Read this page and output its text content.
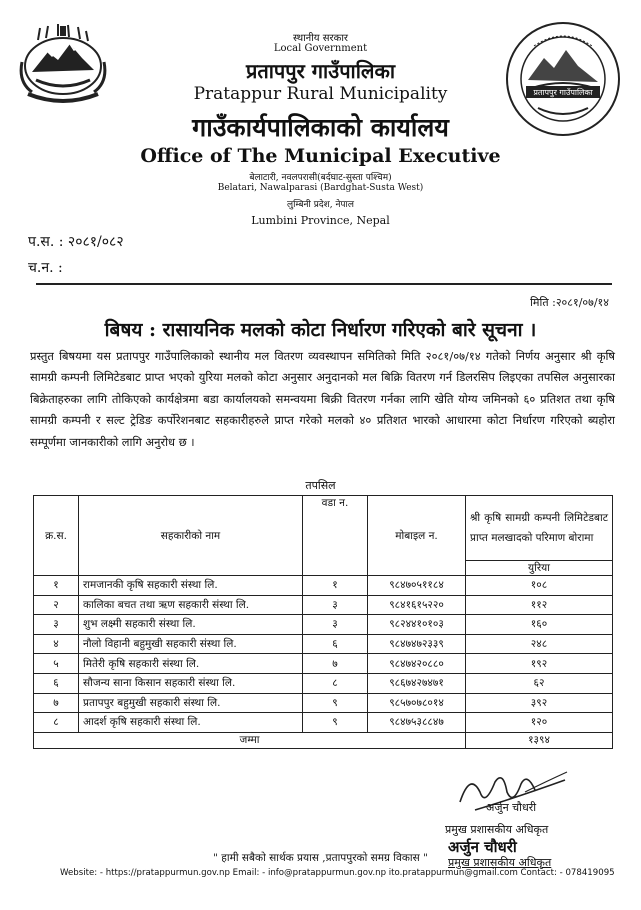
प्रतापपुर गाउँपालिका
स्थानीय सरकार
Local Government
प्रतापपुर गाउँपालिका
Pratappur Rural Municipality
गाउँकार्यपालिकाको कार्यालय
Office of The Municipal Executive
बेलाटारी, नवलपरासी(बर्दघाट-सुस्ता पश्चिम)
Belatari, Nawalparasi (Bardghat-Susta West)
लुम्बिनी प्रदेश, नेपाल
Lumbini Province, Nepal
प.स. : २०८१/०८२
च.न. :
मिति :२०८१/०७/१४
बिषय : रासायनिक मलको कोटा निर्धारण गरिएको बारे सूचना ।
प्रस्तुत बिषयमा यस प्रतापपुर गाउँपालिकाको स्थानीय मल वितरण व्यवस्थापन समितिको मिति २०८१/०७/१४ गतेको निर्णय अनुसार श्री कृषि सामग्री कम्पनी लिमिटेडबाट प्राप्त भएको युरिया मलको कोटा अनुसार अनुदानको मल बिक्रि वितरण गर्न डिलरसिप लिइएका तपसिल अनुसारका बिक्रेताहरुका लागि तोकिएको कार्यक्षेत्रमा बडा कार्यालयको समन्वयमा बिक्री वितरण गर्नका लागि खेति योग्य जमिनको ६० प्रतिशत तथा कृषि सामग्री कम्पनी र सल्ट ट्रेडिङ कर्पोरेशनबाट सहकारीहरुले प्राप्त गरेको मलको ४० प्रतिशत भारको आधारमा कोटा निर्धारण गरिएको ब्यहोरा सम्पूर्णमा जानकारीको लागि अनुरोध छ ।
तपसिल
क्र.स.	सहकारीको नाम	वडा न.	मोबाइल न.	श्री कृषि सामग्री कम्पनी लिमिटेडबाट प्राप्त मलखादको परिमाण बोरामा
				युरिया
१	रामजानकी कृषि सहकारी संस्था लि.	१	९८४७०५११८४	१०८
२	कालिका बचत तथा ऋण सहकारी संस्था लि.	३	९८४१६१५२२०	११२
३	शुभ लक्ष्मी सहकारी संस्था लि.	३	९८२४४१०१०३	१६०
४	नौलो विहानी बहुमुखी सहकारी संस्था लि.	६	९८४७४७२३३९	२४८
५	मितेरी कृषि सहकारी संस्था लि.	७	९८४७४२०८८०	१९२
६	सौजन्य साना किसान सहकारी संस्था लि.	८	९८६७४२७४७१	६२
७	प्रतापपुर बहुमुखी सहकारी संस्था लि.	९	९८५७०७८०१४	३९२
८	आदर्श कृषि सहकारी संस्था लि.	९	९८४७५३८८४७	१२०
जम्मा				१३९४
अर्जुन चौधरी
प्रमुख प्रशासकीय अधिकृत
अर्जुन चौधरी
प्रमुख प्रशासकीय अधिकृत
" हामी सबैको सार्थक प्रयास ,प्रतापपुरको समग्र विकास "
Website: - https://pratappurmun.gov.np Email: - info@pratappurmun.gov.np ito.pratappurmun@gmail.com Contact: - 078419095
